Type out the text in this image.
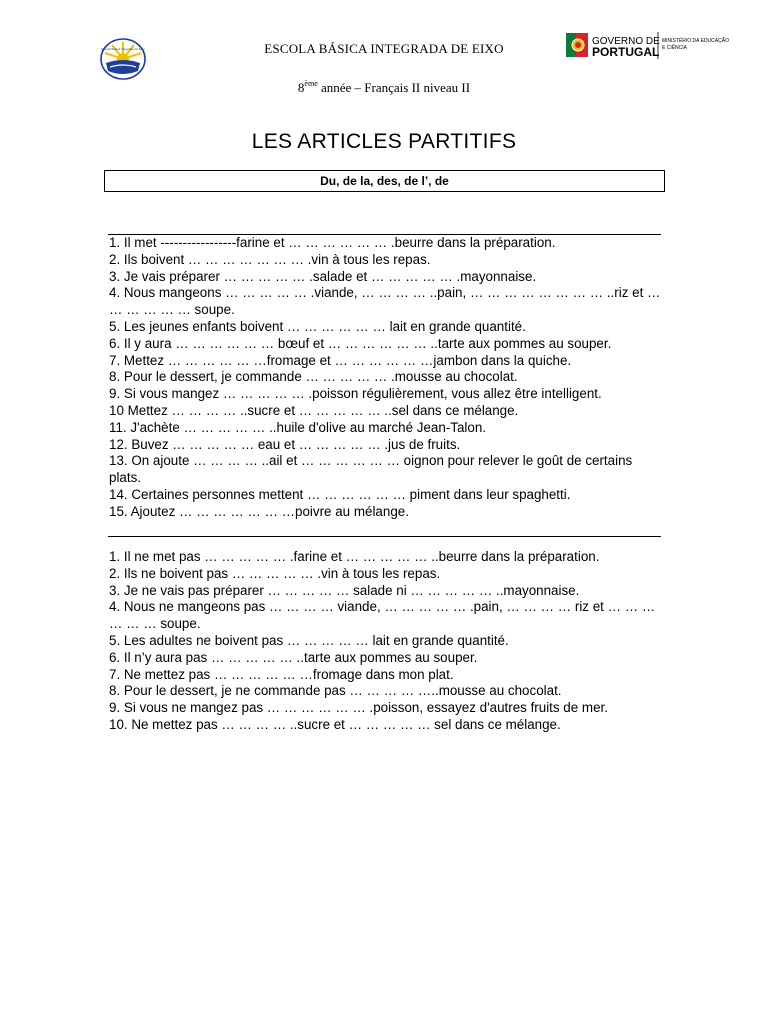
Escola Básica Integrada de Eixo	ESCOLA BÁSICA INTEGRADA DE EIXO	GOVERNO DE
PORTUGAL
MINISTÉRIO DA EDUCAÇÃO
E CIÊNCIA
8ème année – Français II niveau II
LES ARTICLES PARTITIFS
Du, de la, des, de l’, de
1. Il met -----------------farine et … … … … … … .beurre dans la préparation.
2. Ils boivent … … … … … … … .vin à tous les repas.
3. Je vais préparer … … … … … .salade et … … … … … .mayonnaise.
4. Nous mangeons … … … … … .viande, … … … … ..pain, … … … … … … … … ..riz et … … … … … … soupe.
5. Les jeunes enfants boivent … … … … … … lait en grande quantité.
6. Il y aura … … … … … … bœuf et … … … … … … ..tarte aux pommes au souper.
7. Mettez … … … … … …fromage et … … … … … …jambon dans la quiche.
8. Pour le dessert, je commande … … … … … .mousse au chocolat.
9. Si vous mangez … … … … … .poisson régulièrement, vous allez être intelligent.
10 Mettez … … … … ..sucre et … … … … … ..sel dans ce mélange.
11. J'achète … … … … … ..huile d'olive au marché Jean-Talon.
12. Buvez … … … … … eau et … … … … … .jus de fruits.
13. On ajoute … … … … ..ail et … … … … … … oignon pour relever le goût de certains plats.
14. Certaines personnes mettent … … … … … … piment dans leur spaghetti.
15. Ajoutez … … … … … … …poivre au mélange.
1. Il ne met pas … … … … … .farine et … … … … … ..beurre dans la préparation.
2. Ils ne boivent pas … … … … … .vin à tous les repas.
3. Je ne vais pas préparer … … … … … salade ni … … … … … ..mayonnaise.
4. Nous ne mangeons pas … … … … viande, … … … … … .pain, … … … … riz et … … … … … … soupe.
5. Les adultes ne boivent pas … … … … … lait en grande quantité.
6. Il n’y aura pas … … … … … ..tarte aux pommes au souper.
7. Ne mettez pas … … … … … …fromage dans mon plat.
8. Pour le dessert, je ne commande pas … … … … …..mousse au chocolat.
9. Si vous ne mangez pas … … … … … … .poisson, essayez d'autres fruits de mer.
10. Ne mettez pas … … … … ..sucre et … … … … … sel dans ce mélange.
